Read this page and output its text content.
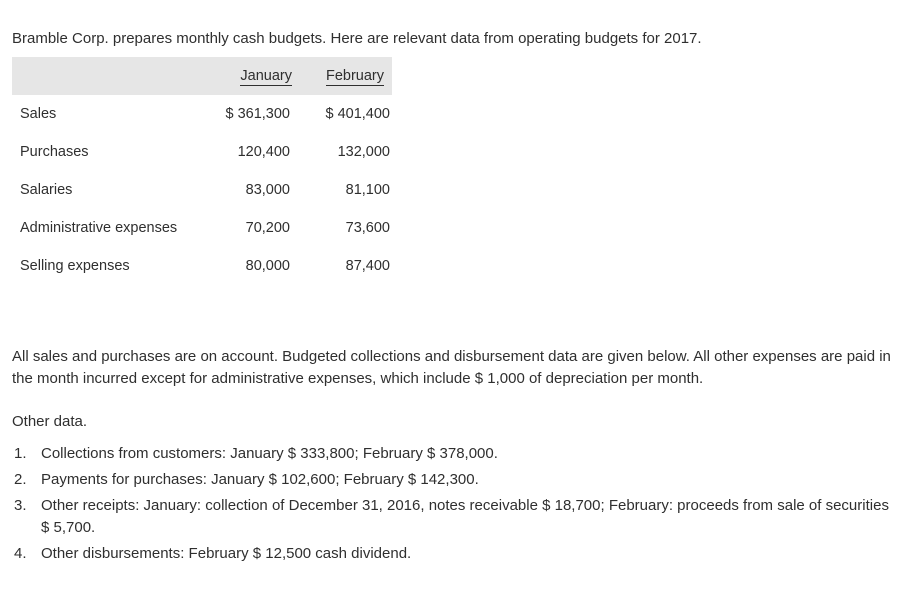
Bramble Corp. prepares monthly cash budgets. Here are relevant data from operating budgets for 2017.

	January	February
Sales	$ 361,300	$ 401,400
Purchases	120,400	132,000
Salaries	83,000	81,100
Administrative expenses	70,200	73,600
Selling expenses	80,000	87,400

All sales and purchases are on account. Budgeted collections and disbursement data are given below. All other expenses are paid in the month incurred except for administrative expenses, which include $ 1,000 of depreciation per month.

Other data.

1. Collections from customers: January $ 333,800; February $ 378,000.
2. Payments for purchases: January $ 102,600; February $ 142,300.
3. Other receipts: January: collection of December 31, 2016, notes receivable $ 18,700; February: proceeds from sale of securities $ 5,700.
4. Other disbursements: February $ 12,500 cash dividend.
